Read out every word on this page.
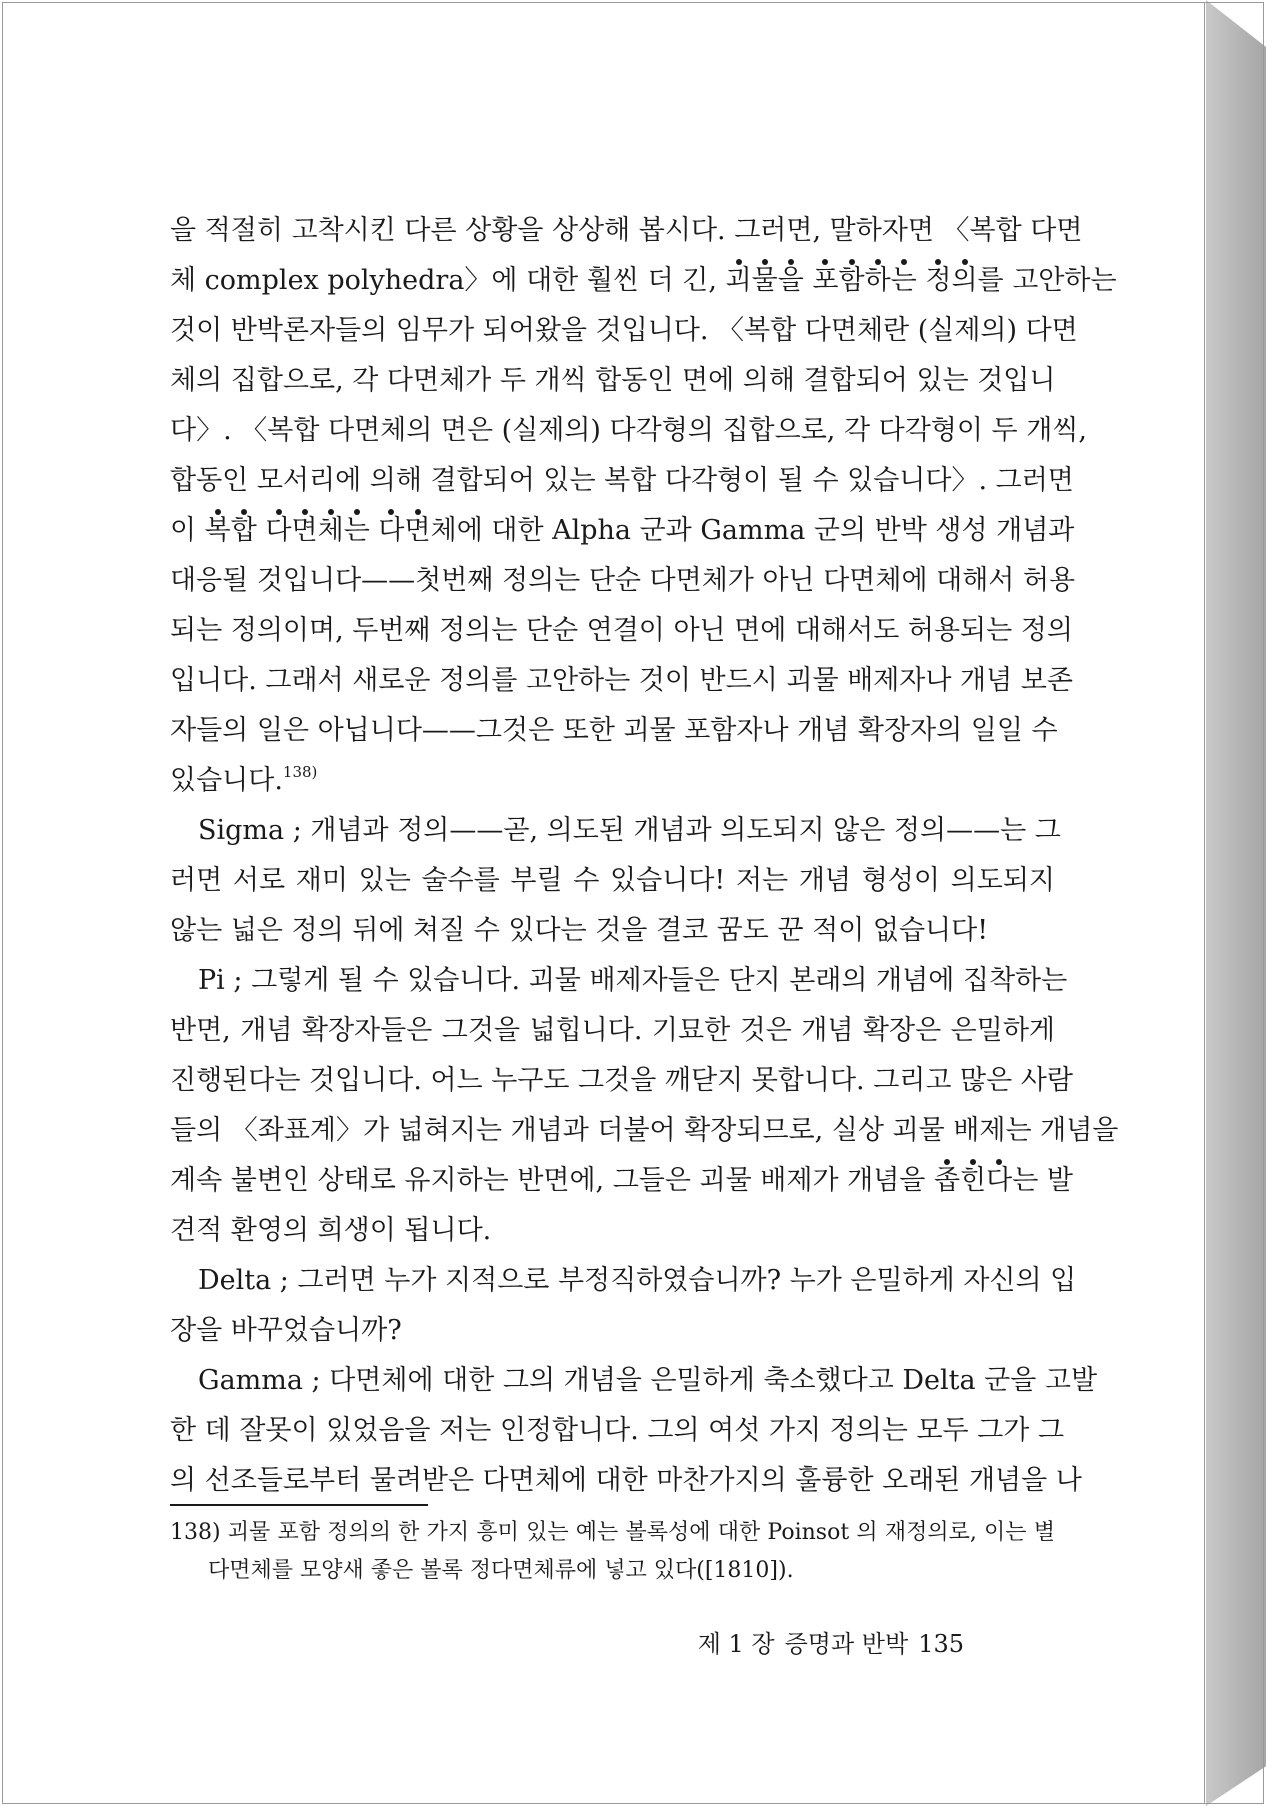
을 적절히 고착시킨 다른 상황을 상상해 봅시다. 그러면, 말하자면 〈복합 다면
체 complex polyhedra〉에 대한 훨씬 더 긴, 괴물을 포함하는 정의를 고안하는
것이 반박론자들의 임무가 되어왔을 것입니다. 〈복합 다면체란 (실제의) 다면
체의 집합으로, 각 다면체가 두 개씩 합동인 면에 의해 결합되어 있는 것입니
다〉. 〈복합 다면체의 면은 (실제의) 다각형의 집합으로, 각 다각형이 두 개씩,
합동인 모서리에 의해 결합되어 있는 복합 다각형이 될 수 있습니다〉. 그러면
이 복합 다면체는 다면체에 대한 Alpha 군과 Gamma 군의 반박 생성 개념과
대응될 것입니다——첫번째 정의는 단순 다면체가 아닌 다면체에 대해서 허용
되는 정의이며, 두번째 정의는 단순 연결이 아닌 면에 대해서도 허용되는 정의
입니다. 그래서 새로운 정의를 고안하는 것이 반드시 괴물 배제자나 개념 보존
자들의 일은 아닙니다——그것은 또한 괴물 포함자나 개념 확장자의 일일 수
있습니다.$^{138)}$
Sigma ; 개념과 정의——곧, 의도된 개념과 의도되지 않은 정의——는 그
러면 서로 재미 있는 술수를 부릴 수 있습니다! 저는 개념 형성이 의도되지
않는 넓은 정의 뒤에 쳐질 수 있다는 것을 결코 꿈도 꾼 적이 없습니다!
Pi ; 그렇게 될 수 있습니다. 괴물 배제자들은 단지 본래의 개념에 집착하는
반면, 개념 확장자들은 그것을 넓힙니다. 기묘한 것은 개념 확장은 은밀하게
진행된다는 것입니다. 어느 누구도 그것을 깨닫지 못합니다. 그리고 많은 사람
들의 〈좌표계〉가 넓혀지는 개념과 더불어 확장되므로, 실상 괴물 배제는 개념을
계속 불변인 상태로 유지하는 반면에, 그들은 괴물 배제가 개념을 좁힌다는 발
견적 환영의 희생이 됩니다.
Delta ; 그러면 누가 지적으로 부정직하였습니까? 누가 은밀하게 자신의 입
장을 바꾸었습니까?
Gamma ; 다면체에 대한 그의 개념을 은밀하게 축소했다고 Delta 군을 고발
한 데 잘못이 있었음을 저는 인정합니다. 그의 여섯 가지 정의는 모두 그가 그
의 선조들로부터 물려받은 다면체에 대한 마찬가지의 훌륭한 오래된 개념을 나
138) 괴물 포함 정의의 한 가지 흥미 있는 예는 볼록성에 대한 Poinsot 의 재정의로, 이는 별
다면체를 모양새 좋은 볼록 정다면체류에 넣고 있다([1810]).
제 1 장 증명과 반박 135
